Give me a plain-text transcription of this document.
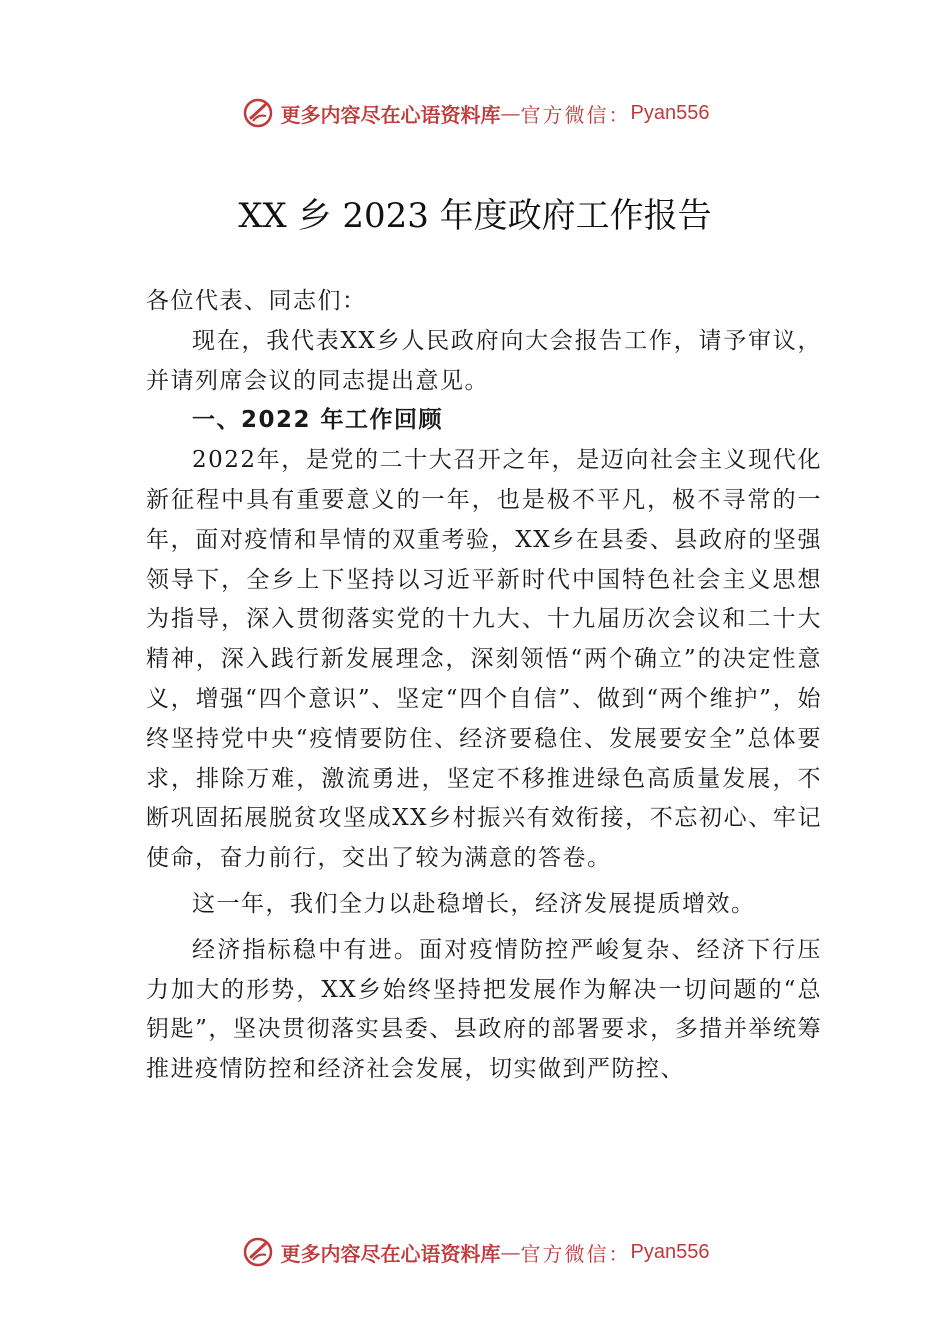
更多内容尽在心语资料库 — 官方微信： Pyan556
XX 乡 2023 年度政府工作报告

各位代表、同志们：

现在，我代表XX乡人民政府向大会报告工作，请予审议，并请列席会议的同志提出意见。

一、2022 年工作回顾

2022年，是党的二十大召开之年，是迈向社会主义现代化新征程中具有重要意义的一年，也是极不平凡，极不寻常的一年，面对疫情和旱情的双重考验，XX乡在县委、县政府的坚强领导下，全乡上下坚持以习近平新时代中国特色社会主义思想为指导，深入贯彻落实党的十九大、十九届历次会议和二十大精神，深入践行新发展理念，深刻领悟“两个确立”的决定性意义，增强“四个意识”、坚定“四个自信”、做到“两个维护”，始终坚持党中央“疫情要防住、经济要稳住、发展要安全”总体要求，排除万难，激流勇进，坚定不移推进绿色高质量发展，不断巩固拓展脱贫攻坚成XX乡村振兴有效衔接，不忘初心、牢记使命，奋力前行，交出了较为满意的答卷。

这一年，我们全力以赴稳增长，经济发展提质增效。

经济指标稳中有进。面对疫情防控严峻复杂、经济下行压力加大的形势，XX乡始终坚持把发展作为解决一切问题的“总钥匙”，坚决贯彻落实县委、县政府的部署要求，多措并举统筹推进疫情防控和经济社会发展，切实做到严防控、

更多内容尽在心语资料库 — 官方微信： Pyan556
